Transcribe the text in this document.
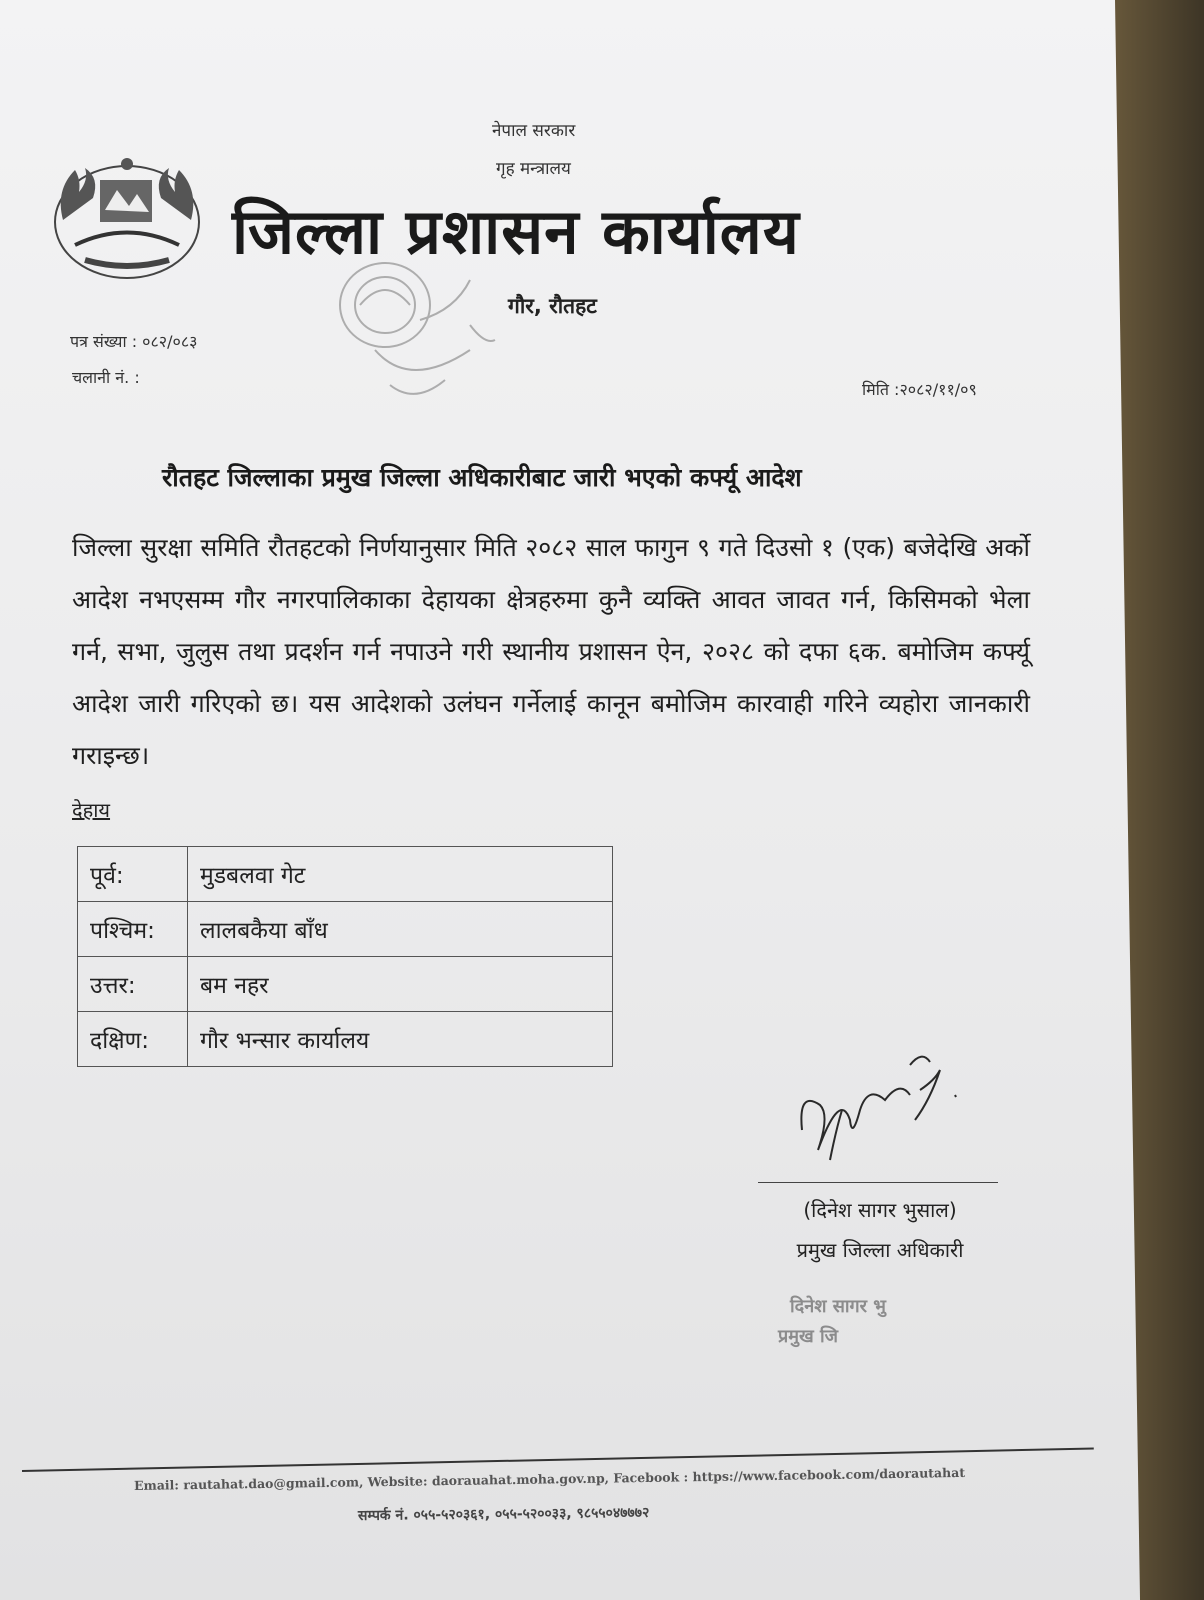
नेपाल सरकार
गृह मन्त्रालय
जिल्ला प्रशासन कार्यालय
गौर, रौतहट
पत्र संख्या : ०८२/०८३
चलानी नं. :
मिति :२०८२/११/०९
रौतहट जिल्लाका प्रमुख जिल्ला अधिकारीबाट जारी भएको कर्फ्यू आदेश
जिल्ला सुरक्षा समिति रौतहटको निर्णयानुसार मिति २०८२ साल फागुन ९ गते दिउसो १ (एक) बजेदेखि अर्को आदेश नभएसम्म गौर नगरपालिकाका देहायका क्षेत्रहरुमा कुनै व्यक्ति आवत जावत गर्न, किसिमको भेला गर्न, सभा, जुलुस तथा प्रदर्शन गर्न नपाउने गरी स्थानीय प्रशासन ऐन, २०२८ को दफा ६क. बमोजिम कर्फ्यू आदेश जारी गरिएको छ। यस आदेशको उलंघन गर्नेलाई कानून बमोजिम कारवाही गरिने व्यहोरा जानकारी गराइन्छ।
देहाय
पूर्व:	मुडबलवा गेट
पश्चिम:	लालबकैया बाँध
उत्तर:	बम नहर
दक्षिण:	गौर भन्सार कार्यालय
(दिनेश सागर भुसाल)
प्रमुख जिल्ला अधिकारी
दिनेश सागर भु
प्रमुख जि
Email: rautahat.dao@gmail.com, Website: daorauahat.moha.gov.np, Facebook : https://www.facebook.com/daorautahat
सम्पर्क नं. ०५५-५२०३६१, ०५५-५२००३३, ९८५५०४७७७२
